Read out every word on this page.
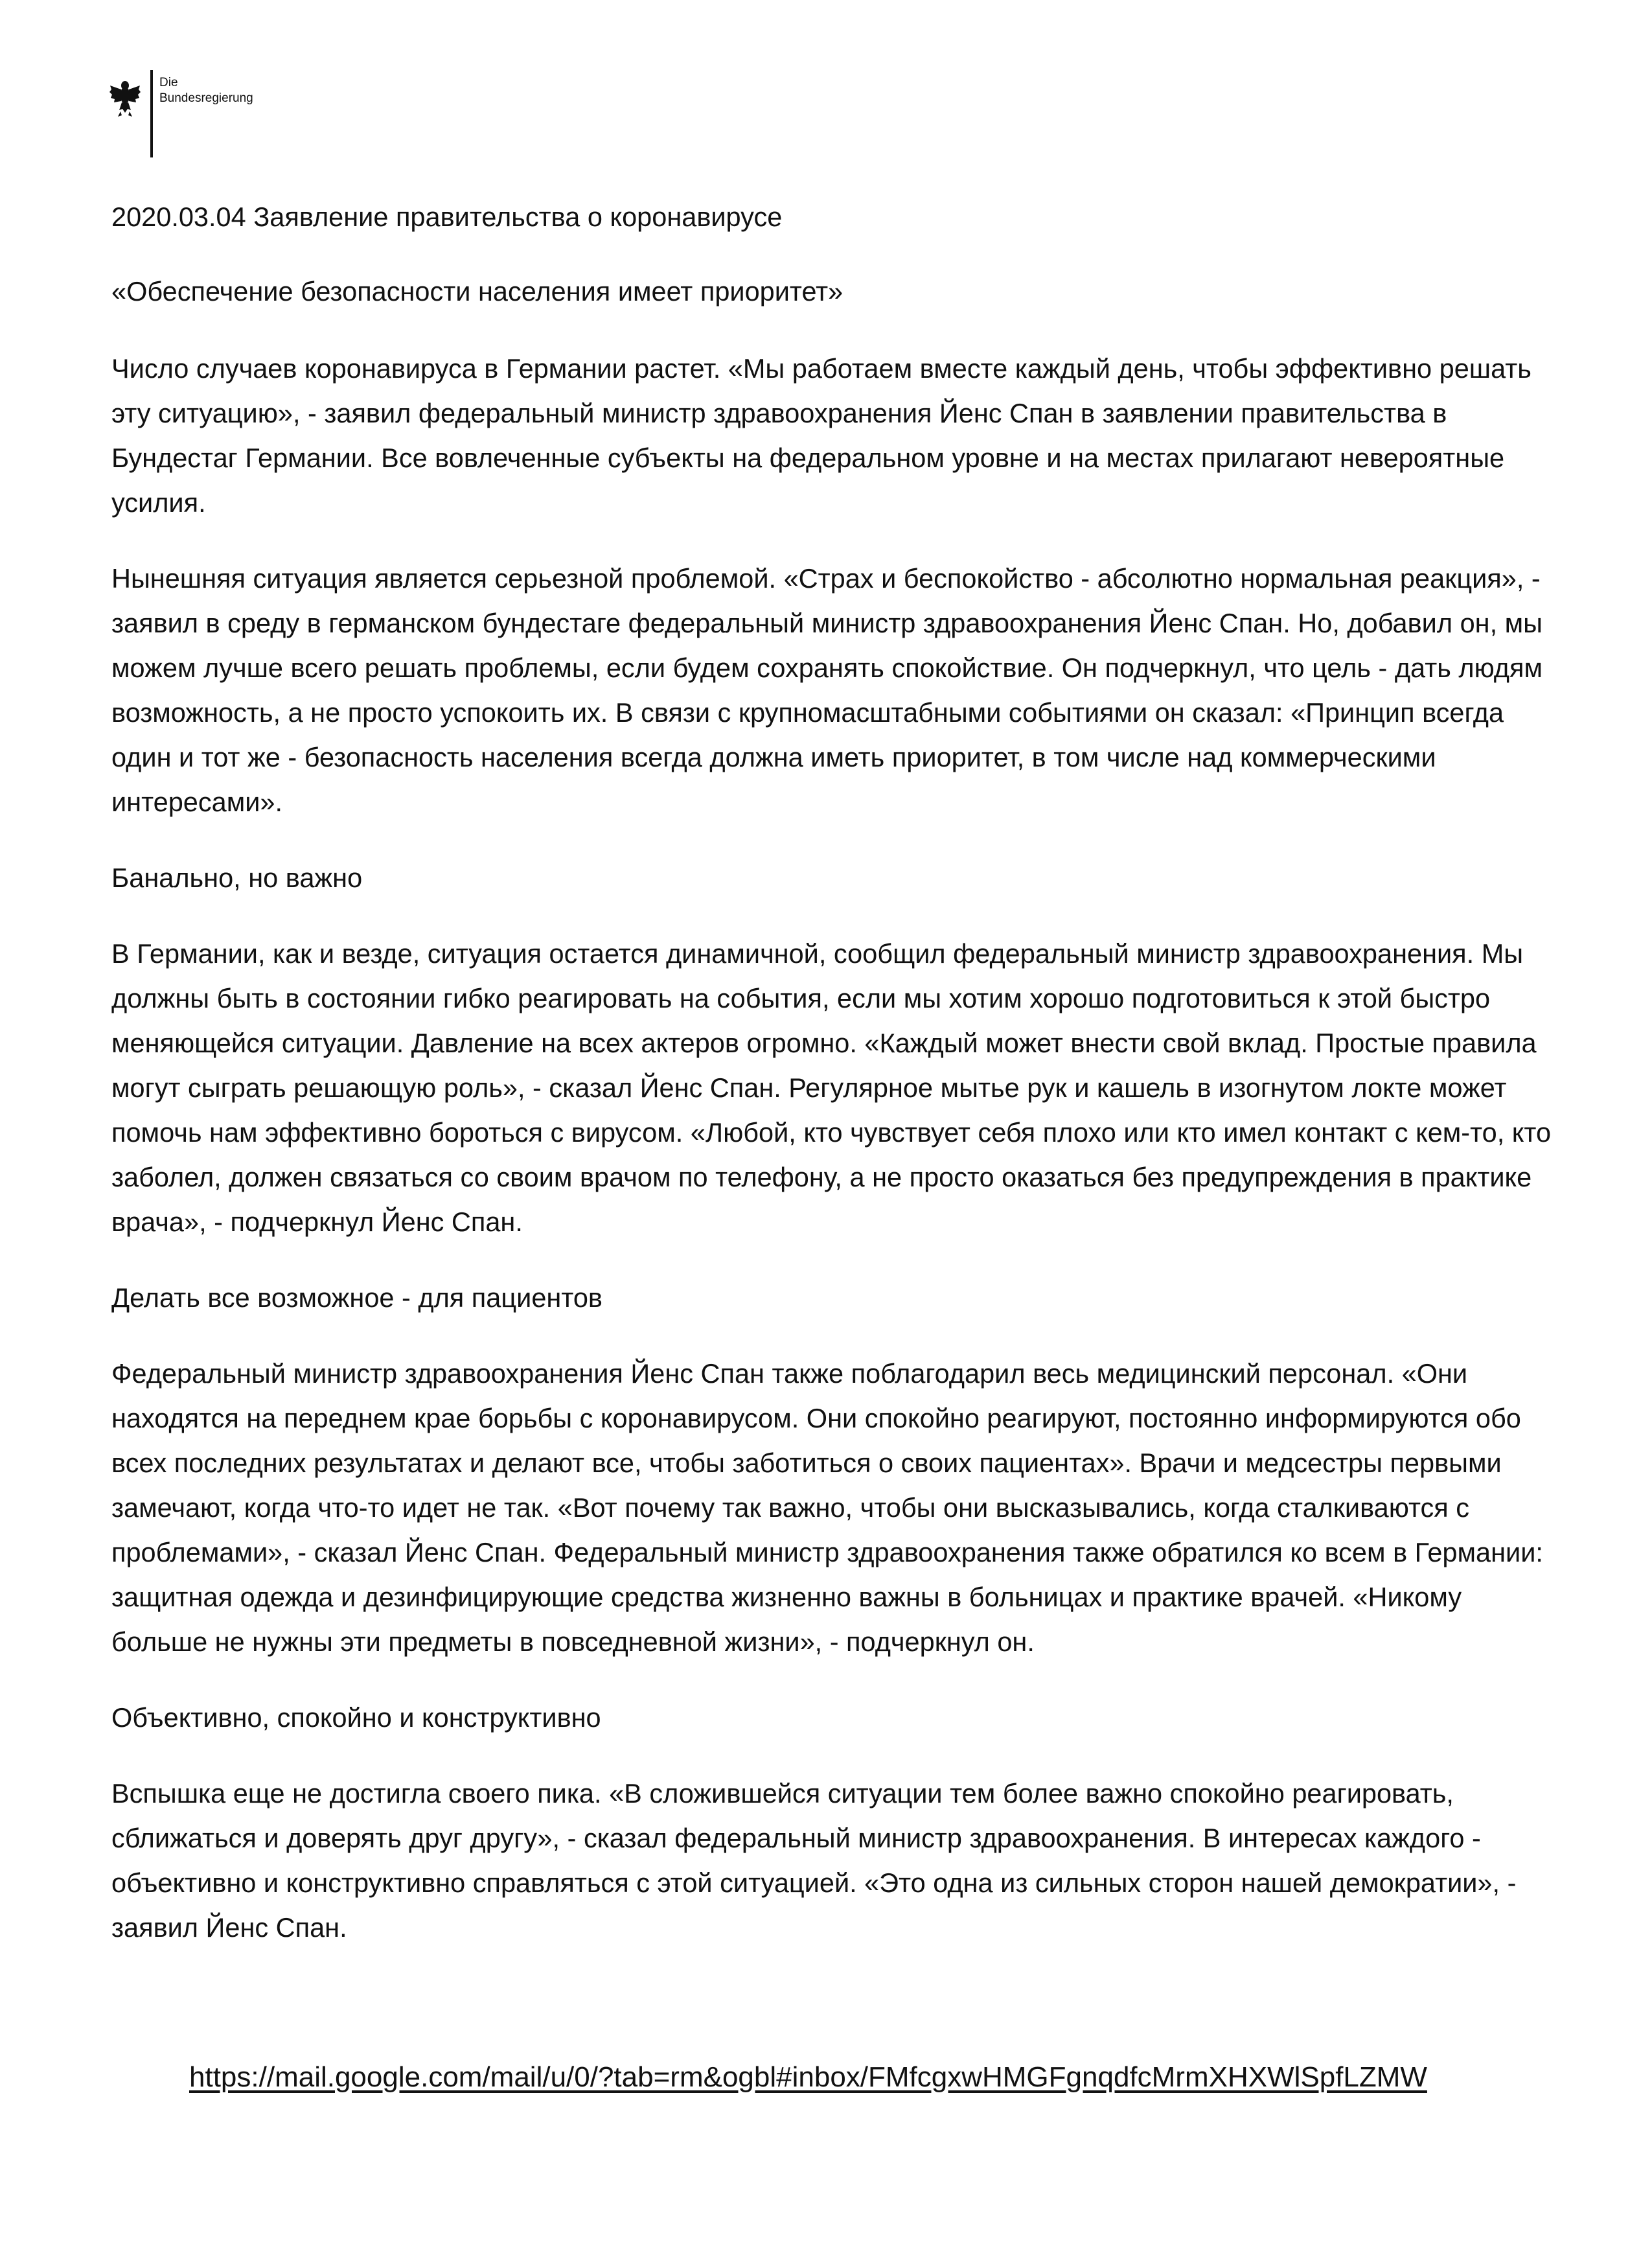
Die
Bundesregierung

2020.03.04 Заявление правительства о коронавирусе

«Обеспечение безопасности населения имеет приоритет»

Число случаев коронавируса в Германии растет. «Мы работаем вместе каждый день, чтобы эффективно решать эту ситуацию», - заявил федеральный министр здравоохранения Йенс Спан в заявлении правительства в Бундестаг Германии. Все вовлеченные субъекты на федеральном уровне и на местах прилагают невероятные усилия.

Нынешняя ситуация является серьезной проблемой. «Страх и беспокойство - абсолютно нормальная реакция», - заявил в среду в германском бундестаге федеральный министр здравоохранения Йенс Спан. Но, добавил он, мы можем лучше всего решать проблемы, если будем сохранять спокойствие. Он подчеркнул, что цель - дать людям возможность, а не просто успокоить их. В связи с крупномасштабными событиями он сказал: «Принцип всегда один и тот же - безопасность населения всегда должна иметь приоритет, в том числе над коммерческими интересами».

Банально, но важно

В Германии, как и везде, ситуация остается динамичной, сообщил федеральный министр здравоохранения. Мы должны быть в состоянии гибко реагировать на события, если мы хотим хорошо подготовиться к этой быстро меняющейся ситуации. Давление на всех актеров огромно. «Каждый может внести свой вклад. Простые правила могут сыграть решающую роль», - сказал Йенс Спан. Регулярное мытье рук и кашель в изогнутом локте может помочь нам эффективно бороться с вирусом. «Любой, кто чувствует себя плохо или кто имел контакт с кем-то, кто заболел, должен связаться со своим врачом по телефону, а не просто оказаться без предупреждения в практике врача», - подчеркнул Йенс Спан.

Делать все возможное - для пациентов

Федеральный министр здравоохранения Йенс Спан также поблагодарил весь медицинский персонал. «Они находятся на переднем крае борьбы с коронавирусом. Они спокойно реагируют, постоянно информируются обо всех последних результатах и делают все, чтобы заботиться о своих пациентах». Врачи и медсестры первыми замечают, когда что-то идет не так. «Вот почему так важно, чтобы они высказывались, когда сталкиваются с проблемами», - сказал Йенс Спан. Федеральный министр здравоохранения также обратился ко всем в Германии: защитная одежда и дезинфицирующие средства жизненно важны в больницах и практике врачей. «Никому больше не нужны эти предметы в повседневной жизни», - подчеркнул он.

Объективно, спокойно и конструктивно

Вспышка еще не достигла своего пика. «В сложившейся ситуации тем более важно спокойно реагировать, сближаться и доверять друг другу», - сказал федеральный министр здравоохранения. В интересах каждого - объективно и конструктивно справляться с этой ситуацией. «Это одна из сильных сторон нашей демократии», - заявил Йенс Спан.

https://mail.google.com/mail/u/0/?tab=rm&ogbl#inbox/FMfcgxwHMGFgnqdfcMrmXHXWlSpfLZMW
